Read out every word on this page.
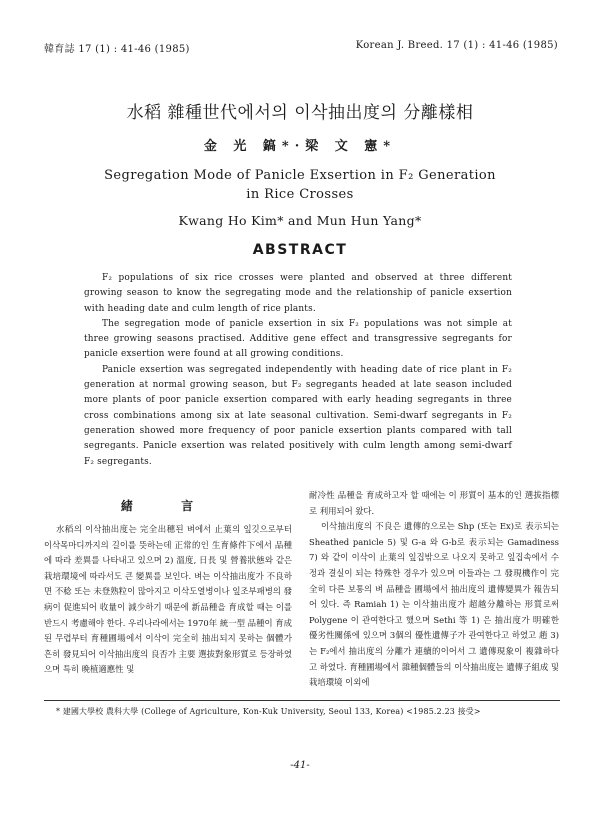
韓育誌 17 (1) : 41-46 (1985)	Korean J. Breed. 17 (1) : 41-46 (1985)
水稻 雜種世代에서의 이삭抽出度의 分離樣相
金 光 鎬*·梁 文 憲*
Segregation Mode of Panicle Exsertion in F₂ Generation
in Rice Crosses
Kwang Ho Kim* and Mun Hun Yang*
ABSTRACT

F₂ populations of six rice crosses were planted and observed at three different growing season to know the segregating mode and the relationship of panicle exsertion with heading date and culm length of rice plants.

The segregation mode of panicle exsertion in six F₂ populations was not simple at three growing seasons practised. Additive gene effect and transgressive segregants for panicle exsertion were found at all growing conditions.

Panicle exsertion was segregated independently with heading date of rice plant in F₂ generation at normal growing season, but F₂ segregants headed at late season included more plants of poor panicle exsertion compared with early heading segregants in three cross combinations among six at late seasonal cultivation. Semi-dwarf segregants in F₂ generation showed more frequency of poor panicle exsertion plants compared with tall segregants. Panicle exsertion was related positively with culm length among semi-dwarf F₂ segregants.

緒 言

水稻의 이삭抽出度는 完全出穗된 벼에서 止葉의 잎깃으로부터 이삭목마디까지의 길이를 뜻하는데 正常的인 生育條件下에서 品種에 따라 差異를 나타내고 있으며 2) 溫度, 日長 및 營養狀態와 같은 栽培環境에 따라서도 큰 變異를 보인다. 벼는 이삭抽出度가 不良하면 不稔 또는 未登熟粒이 많아지고 이삭도열병이나 잎조부패병의 發病이 促進되어 收量이 減少하기 때문에 新品種을 育成할 때는 이를 반드시 考慮해야 한다. 우리나라에서는 1970年 統一型 品種이 育成된 무렵부터 育種圃場에서 이삭이 完全히 抽出되지 못하는 個體가 흔히 發見되어 이삭抽出度의 良否가 主要 選拔對象形質로 등장하였으며 특히 晩植適應性 및

耐冷性 品種을 育成하고자 할 때에는 이 形質이 基本的인 選拔指標로 利用되어 왔다.

이삭抽出度의 不良은 遺傳的으로는 Shp (또는 Ex)로 表示되는 Sheathed panicle 5) 및 G-a 와 G-b로 表示되는 Gamadiness 7) 와 같이 이삭이 止葉의 잎집밖으로 나오지 못하고 잎집속에서 수정과 결실이 되는 特殊한 경우가 있으며 이들과는 그 發現機作이 完全히 다른 보통의 벼 品種을 圃場에서 抽出度의 遺傳變異가 報告되어 있다. 즉 Ramiah 1) 는 이삭抽出度가 超越分離하는 形質로써 Polygene 이 관여한다고 했으며 Sethi 等 1) 은 抽出度가 明確한 優劣性關係에 있으며 3個의 優性遺傳子가 관여한다고 하였고 趙 3) 는 F₂에서 抽出度의 分離가 連續的이어서 그 遺傳現象이 複雜하다고 하였다. 育種圃場에서 雜種個體들의 이삭抽出度는 遺傳子組成 및 栽培環境 이외에

* 建國大學校 農科大學 (College of Agriculture, Kon-Kuk University, Seoul 133, Korea) <1985.2.23 接受>
-41-
